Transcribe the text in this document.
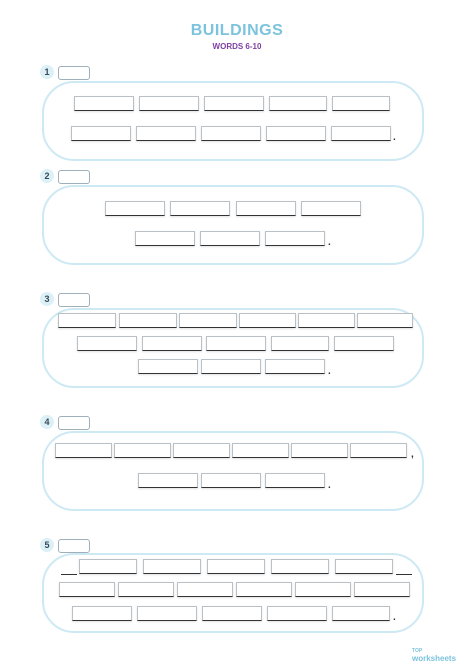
BUILDINGS
WORDS 6-10
1
.
2
.
3
.
4
,
.
5
.
TOP
worksheets
